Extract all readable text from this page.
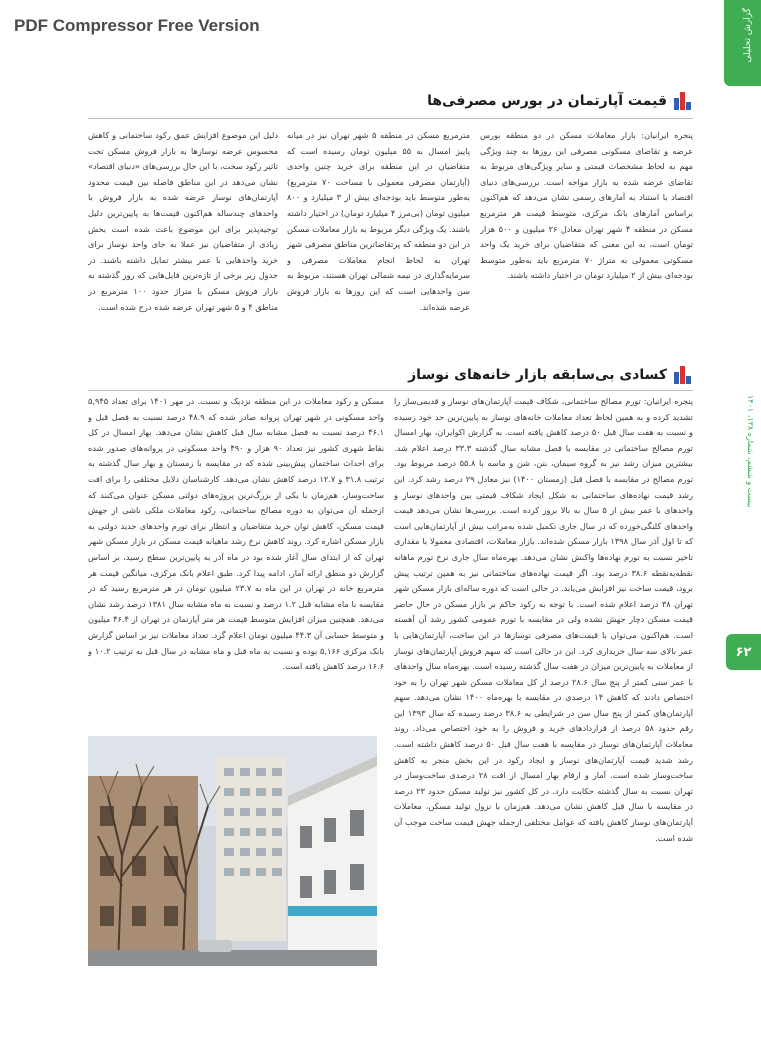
PDF Compressor Free Version	گزارش تحلیلی
بیست و ششم، شماره ۱۳۸، ۱۴۰۱
۶۲
قیمت آپارتمان در بورس مصرفی‌ها

پنجره ایرانیان: بازار معاملات مسکن در دو منطقه بورس عرضه و تقاضای مسکونی مصرفی این روزها به چند ویژگی مهم به لحاظ مشخصات قیمتی و سایر ویژگی‌های مربوط به تقاضای عرضه شده به بازار مواجه است. بررسی‌های دنیای اقتصاد با استناد به آمارهای رسمی نشان می‌دهد که هم‌اکنون براساس آمارهای بانک مرکزی، متوسط قیمت هر مترمربع مسکن در منطقه ۴ شهر تهران معادل ۲۶ میلیون و ۵۰۰ هزار تومان است، به این معنی که متقاضیان برای خرید یک واحد مسکونی معمولی به متراژ ۷۰ مترمربع باید به‌طور متوسط بودجه‌ای بیش از ۲ میلیارد تومان در اختیار داشته باشند.

مترمربع مسکن در منطقه ۵ شهر تهران نیز در میانه پاییز امسال به ۵۵ میلیون تومان رسیده است که متقاضیان در این منطقه برای خرید چنین واحدی (آپارتمان مصرفی معمولی با مساحت ۷۰ مترمربع) به‌طور متوسط باید بودجه‌ای بیش از ۳ میلیارد و ۸۰۰ میلیون تومان (بی‌مرز ۴ میلیارد تومان) در اختیار داشته باشند. یک ویژگی دیگر مربوط به بازار معاملات مسکن در این دو منطقه که پرتقاضاترین مناطق مصرفی شهر تهران به لحاظ انجام معاملات مصرفی و سرمایه‌گذاری در نیمه شمالی تهران هستند، مربوط به سن واحدهایی است که این روزها به بازار فروش عرضه شده‌اند.

دلیل این موضوع افزایش عمق رکود ساختمانی و کاهش محسوس عرضه نوسازها به بازار فروش مسکن تحت تاثیر رکود سخت، با این حال بررسی‌های «دنیای اقتصاد» نشان می‌دهد در این مناطق فاصله بین قیمت محدود آپارتمان‌های نوساز عرضه شده به بازار فروش با واحدهای چندساله هم‌اکنون قیمت‌ها به پایین‌ترین دلیل توجیه‌پذیر برای این موضوع باعث شده است بخش زیادی از متقاضیان نیز عملا به جای واحد نوساز برای خرید واحدهایی با عمر بیشتر تمایل داشته باشند. در جدول زیر برخی از تازه‌ترین فایل‌هایی که روز گذشته به بازار فروش مسکن با متراژ حدود ۱۰۰ مترمربع در مناطق ۴ و ۵ شهر تهران عرضه شده درج شده است.

کسادی بی‌سابقه بازار خانه‌های نوساز

پنجره ایرانیان: تورم مصالح ساختمانی، شکاف قیمت آپارتمان‌های نوساز و قدیمی‌ساز را تشدید کرده و به همین لحاظ تعداد معاملات خانه‌های نوساز به پایین‌ترین حد خود رسیده و نسبت به هفت سال قبل ۵۰ درصد کاهش یافته است. به گزارش اکوایران، بهار امسال تورم مصالح ساختمانی در مقایسه با فصل مشابه سال گذشته ۳۳.۳ درصد اعلام شد. بیشترین میزان رشد نیز به گروه سیمان، بتن، شن و ماسه با ۵۵.۸ درصد مربوط بود. تورم مصالح در مقایسه با فصل قبل (زمستان ۱۴۰۰) نیز معادل ۲۹ درصد رشد کرد. این رشد قیمت نهاده‌های ساختمانی به شکل ایجاد شکاف قیمتی بین واحدهای نوساز و واحدهای با عمر بیش از ۵ سال به بالا بروز کرده است. بررسی‌ها نشان می‌دهد قیمت واحدهای کلنگی‌خورده که در سال جاری تکمیل شده به‌مراتب بیش از آپارتمان‌هایی است که تا اول آذر سال ۱۳۹۸ بازار مسکن شده‌اند. بازار معاملات، اقتصادی معمولا با مقداری تاخیر نسبت به تورم نهاده‌ها واکنش نشان می‌دهد. بهره‌ماه سال جاری نرخ تورم ماهانه نقطه‌به‌نقطه ۳۸.۶ درصد بود. اگر قیمت نهاده‌های ساختمانی نیز به همین ترتیب پیش برود، قیمت ساخت نیز افزایش می‌یابد. در حالی است که دوره ساله‌ای بازار مسکن شهر تهران ۳۸ درصد اعلام شده است. با توجه به رکود حاکم بر بازار مسکن در حال حاضر قیمت مسکن دچار جهش نشده ولی در مقایسه با تورم عمومی کشور رشد آن آهسته است. هم‌اکنون می‌توان با قیمت‌های مصرفی نوسازها در این ساخت، آپارتمان‌هایی با عمر بالای سه سال خریداری کرد. این در حالی است که سهم فروش آپارتمان‌های نوساز از معاملات به پایین‌ترین میزان در هفت سال گذشته رسیده است. بهره‌ماه سال واحدهای با عمر سنی کمتر از پنج سال ۲۸.۶ درصد از کل معاملات مسکن شهر تهران را به خود اختصاص دادند که کاهش ۱۴ درصدی در مقایسه با بهره‌ماه ۱۴۰۰ نشان می‌دهد. سهم آپارتمان‌های کمتر از پنج سال سن در شرایطی به ۳۸.۶ درصد رسیده که سال ۱۳۹۳ این رقم حدود ۵۸ درصد از قراردادهای خرید و فروش را به خود اختصاص می‌داد. روند معاملات آپارتمان‌های نوساز در مقایسه با هفت سال قبل ۵۰ درصد کاهش داشته است. رشد شدید قیمت آپارتمان‌های نوساز و ایجاد رکود در این بخش منجر به کاهش ساخت‌وساز شده است. آمار و ارقام بهار امسال از افت ۲۸ درصدی ساخت‌وساز در تهران نسبت به سال گذشته حکایت دارد. در کل کشور نیز تولید مسکن حدود ۲۳ درصد در مقایسه با سال قبل کاهش نشان می‌دهد. هم‌زمان با نزول تولید مسکن، معاملات آپارتمان‌های نوساز کاهش یافته که عوامل مختلفی ازجمله جهش قیمت ساخت موجب آن شده است.

مسکن و رکود معاملات در این منطقه نزدیک و نسبت. در مهر ۱۴۰۱ برای تعداد ۵,۹۴۵ واحد مسکونی در شهر تهران پروانه صادر شده که ۴۸.۹ درصد نسبت به فصل قبل و ۴۶.۱ درصد نسبت به فصل مشابه سال قبل کاهش نشان می‌دهد. بهار امسال در کل نقاط شهری کشور نیز تعداد ۹۰ هزار و ۴۹۰ واحد مسکونی در پروانه‌های صدور شده برای احداث ساختمان پیش‌بینی شده که در مقایسه با زمستان و بهار سال گذشته به ترتیب ۳۱.۸ و ۱۲.۷ درصد کاهش نشان می‌دهد. کارشناسان دلایل مختلفی را برای افت ساخت‌وساز، هم‌زمان با یکی از بزرگ‌ترین پروژه‌های دولتی مسکن عنوان می‌کنند که ازجمله آن می‌توان به دوره مصالح ساختمانی، رکود معاملات ملکی ناشی از جهش قیمت مسکن، کاهش توان خرید متقاضیان و انتظار برای تورم واحدهای جدید دولتی به بازار مسکن اشاره کرد. روند کاهش نرخ رشد ماهیانه قیمت مسکن در بازار مسکن شهر تهران که از ابتدای سال آغاز شده بود در ماه آذر به پایین‌ترین سطح رسید، بر اساس گزارش دو منطق ارائه آمار، ادامه پیدا کرد. طبق اعلام بانک مرکزی، میانگین قیمت هر مترمربع خانه در تهران در این ماه به ۲۳.۷ میلیون تومان در هر مترمربع رسید که در مقایسه با ماه مشابه قبل ۱.۲ درصد و نسبت به ماه مشابه سال ۱۳۸۱ درصد رشد نشان می‌دهد. همچنین میزان افزایش متوسط قیمت هر متر آپارتمان در تهران از ۴۶.۴ میلیون و متوسط حسابی آن ۴۴.۳ میلیون تومان اعلام گرد. تعداد معاملات نیز بر اساس گزارش بانک مرکزی ۵,۱۶۶ بوده و نسبت به ماه قبل و ماه مشابه در سال قبل به ترتیب ۱۰.۲ و ۱۶.۶ درصد کاهش یافته است.
